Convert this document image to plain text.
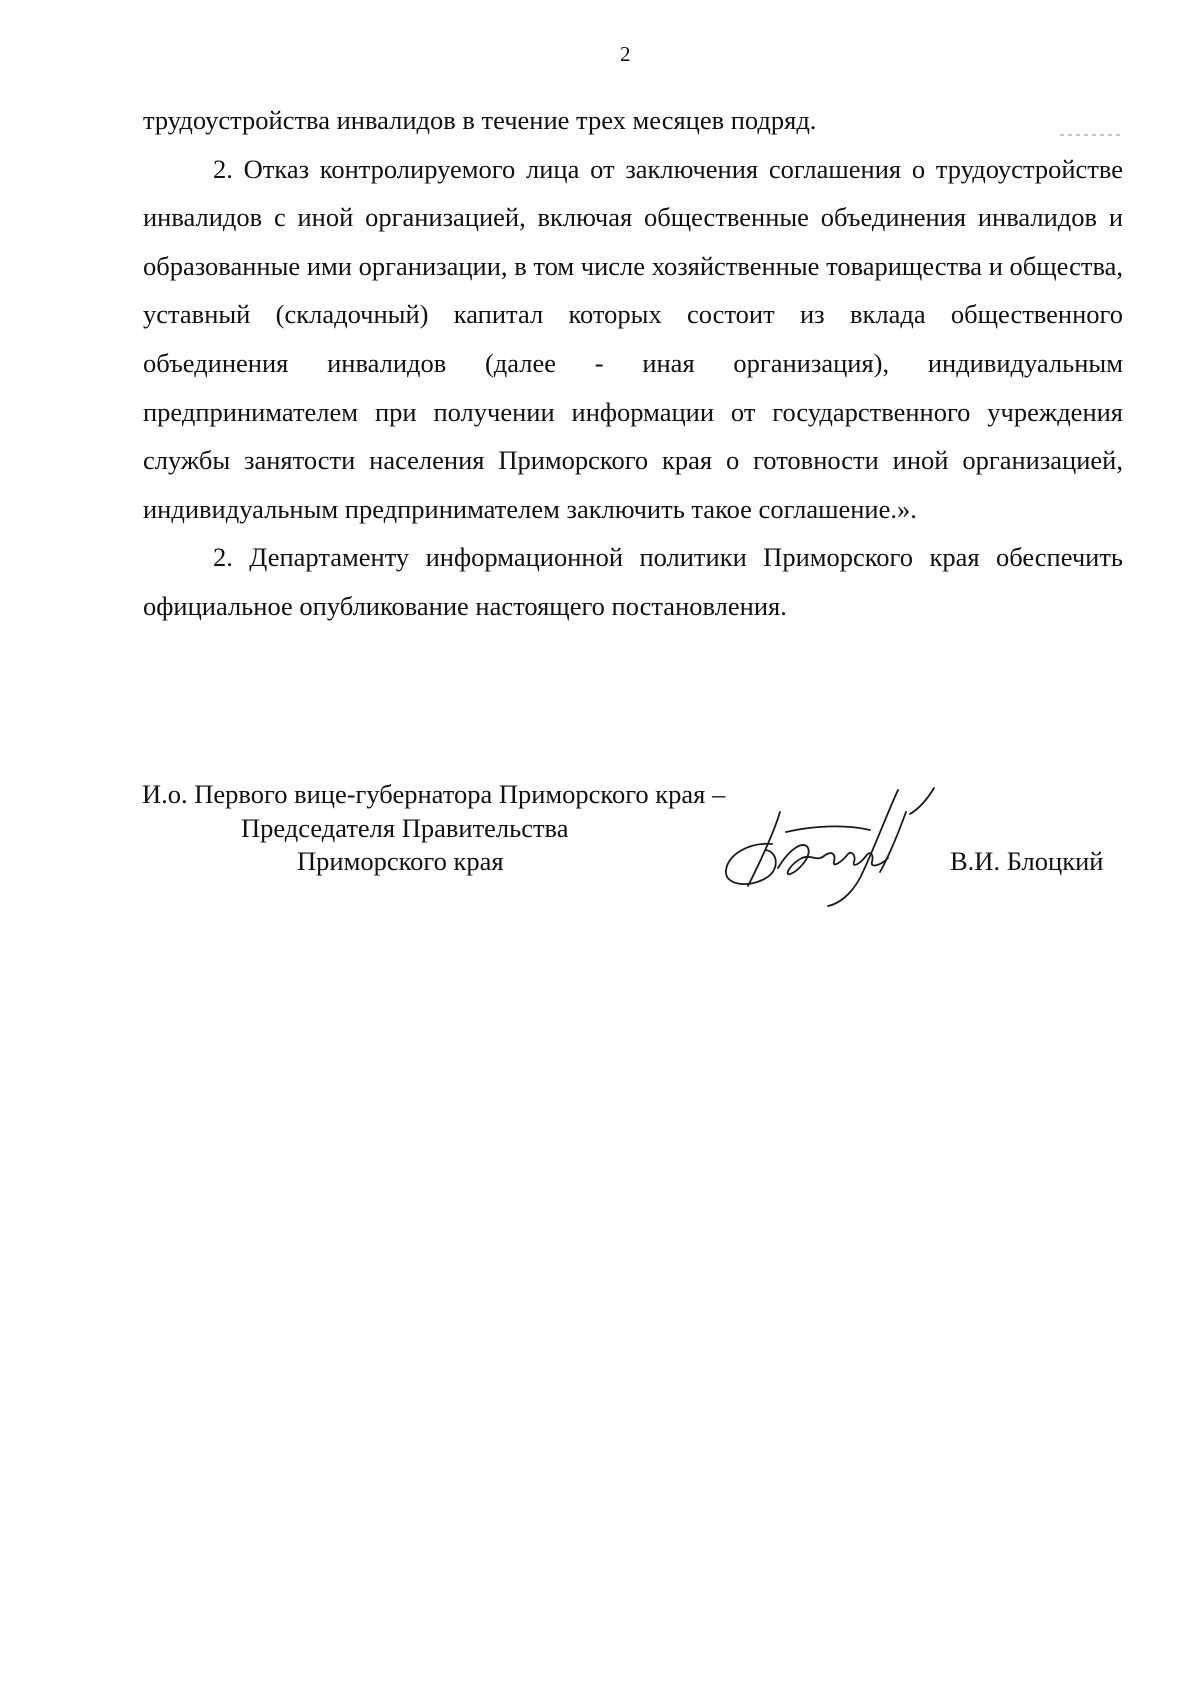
2

трудоустройства инвалидов в течение трех месяцев подряд.

2. Отказ контролируемого лица от заключения соглашения о трудоустройстве инвалидов с иной организацией, включая общественные объединения инвалидов и образованные ими организации, в том числе хозяйственные товарищества и общества, уставный (складочный) капитал которых состоит из вклада общественного объединения инвалидов (далее - иная организация), индивидуальным предпринимателем при получении информации от государственного учреждения службы занятости населения Приморского края о готовности иной организацией, индивидуальным предпринимателем заключить такое соглашение.».

2. Департаменту информационной политики Приморского края обеспечить официальное опубликование настоящего постановления.

И.о. Первого вице-губернатора Приморского края –
Председателя Правительства
Приморского края	В.И. Блоцкий
